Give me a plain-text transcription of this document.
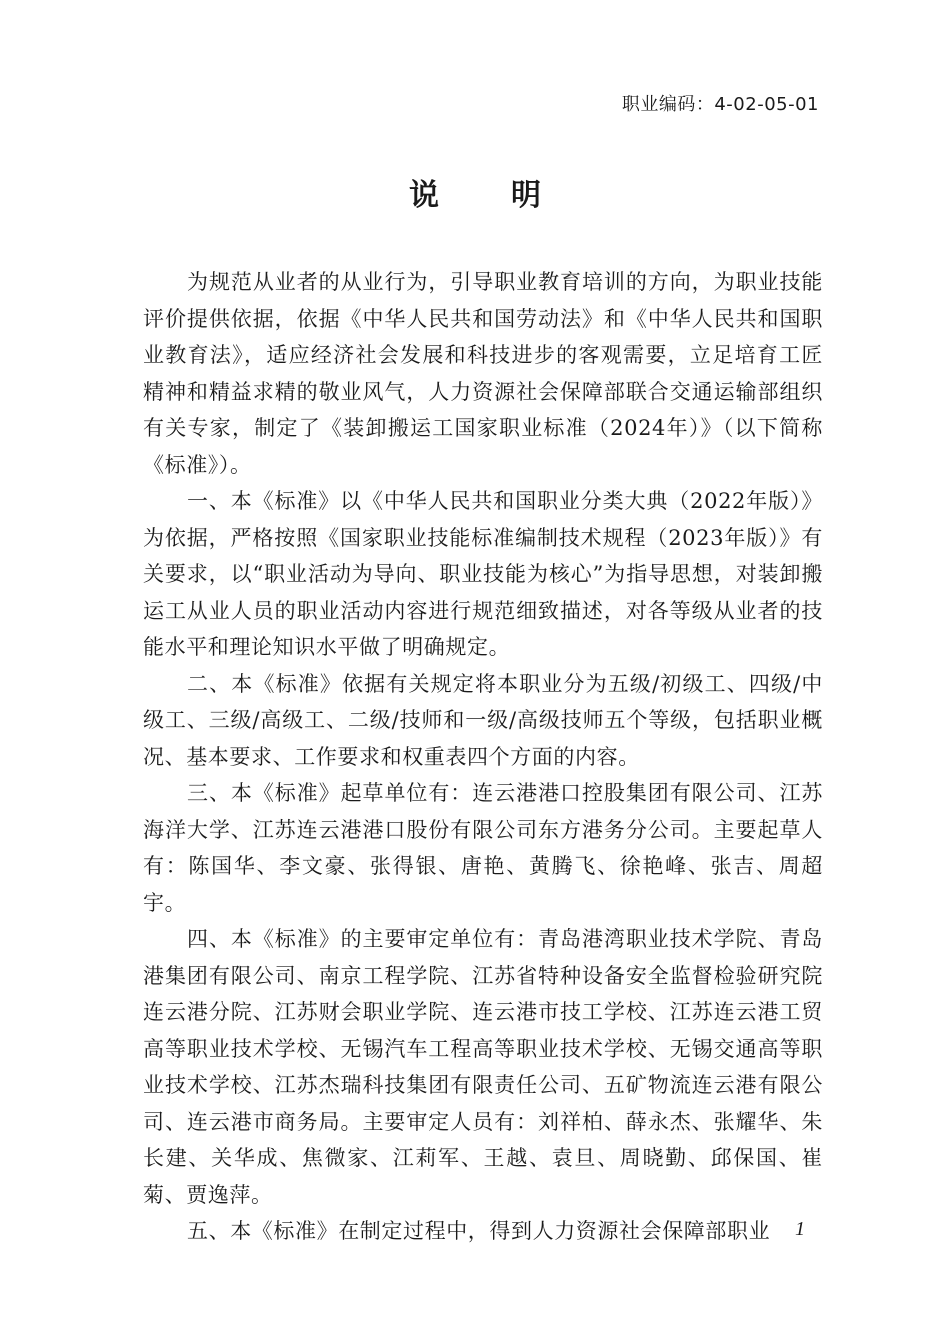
职业编码：4-02-05-01
说明

为规范从业者的从业行为，引导职业教育培训的方向，为职业技能评价提供依据，依据《中华人民共和国劳动法》和《中华人民共和国职业教育法》，适应经济社会发展和科技进步的客观需要，立足培育工匠精神和精益求精的敬业风气，人力资源社会保障部联合交通运输部组织有关专家，制定了《装卸搬运工国家职业标准（2024年）》（以下简称《标准》）。

一、本《标准》以《中华人民共和国职业分类大典（2022年版）》为依据，严格按照《国家职业技能标准编制技术规程（2023年版）》有关要求，以“职业活动为导向、职业技能为核心”为指导思想，对装卸搬运工从业人员的职业活动内容进行规范细致描述，对各等级从业者的技能水平和理论知识水平做了明确规定。

二、本《标准》依据有关规定将本职业分为五级/初级工、四级/中级工、三级/高级工、二级/技师和一级/高级技师五个等级，包括职业概况、基本要求、工作要求和权重表四个方面的内容。

三、本《标准》起草单位有：连云港港口控股集团有限公司、江苏海洋大学、江苏连云港港口股份有限公司东方港务分公司。主要起草人有：陈国华、李文豪、张得银、唐艳、黄腾飞、徐艳峰、张吉、周超宇。

四、本《标准》的主要审定单位有：青岛港湾职业技术学院、青岛港集团有限公司、南京工程学院、江苏省特种设备安全监督检验研究院连云港分院、江苏财会职业学院、连云港市技工学校、江苏连云港工贸高等职业技术学校、无锡汽车工程高等职业技术学校、无锡交通高等职业技术学校、江苏杰瑞科技集团有限责任公司、五矿物流连云港有限公司、连云港市商务局。主要审定人员有：刘祥柏、薛永杰、张耀华、朱长建、关华成、焦微家、江莉军、王越、袁旦、周晓勤、邱保国、崔菊、贾逸萍。

五、本《标准》在制定过程中，得到人力资源社会保障部职业	1
